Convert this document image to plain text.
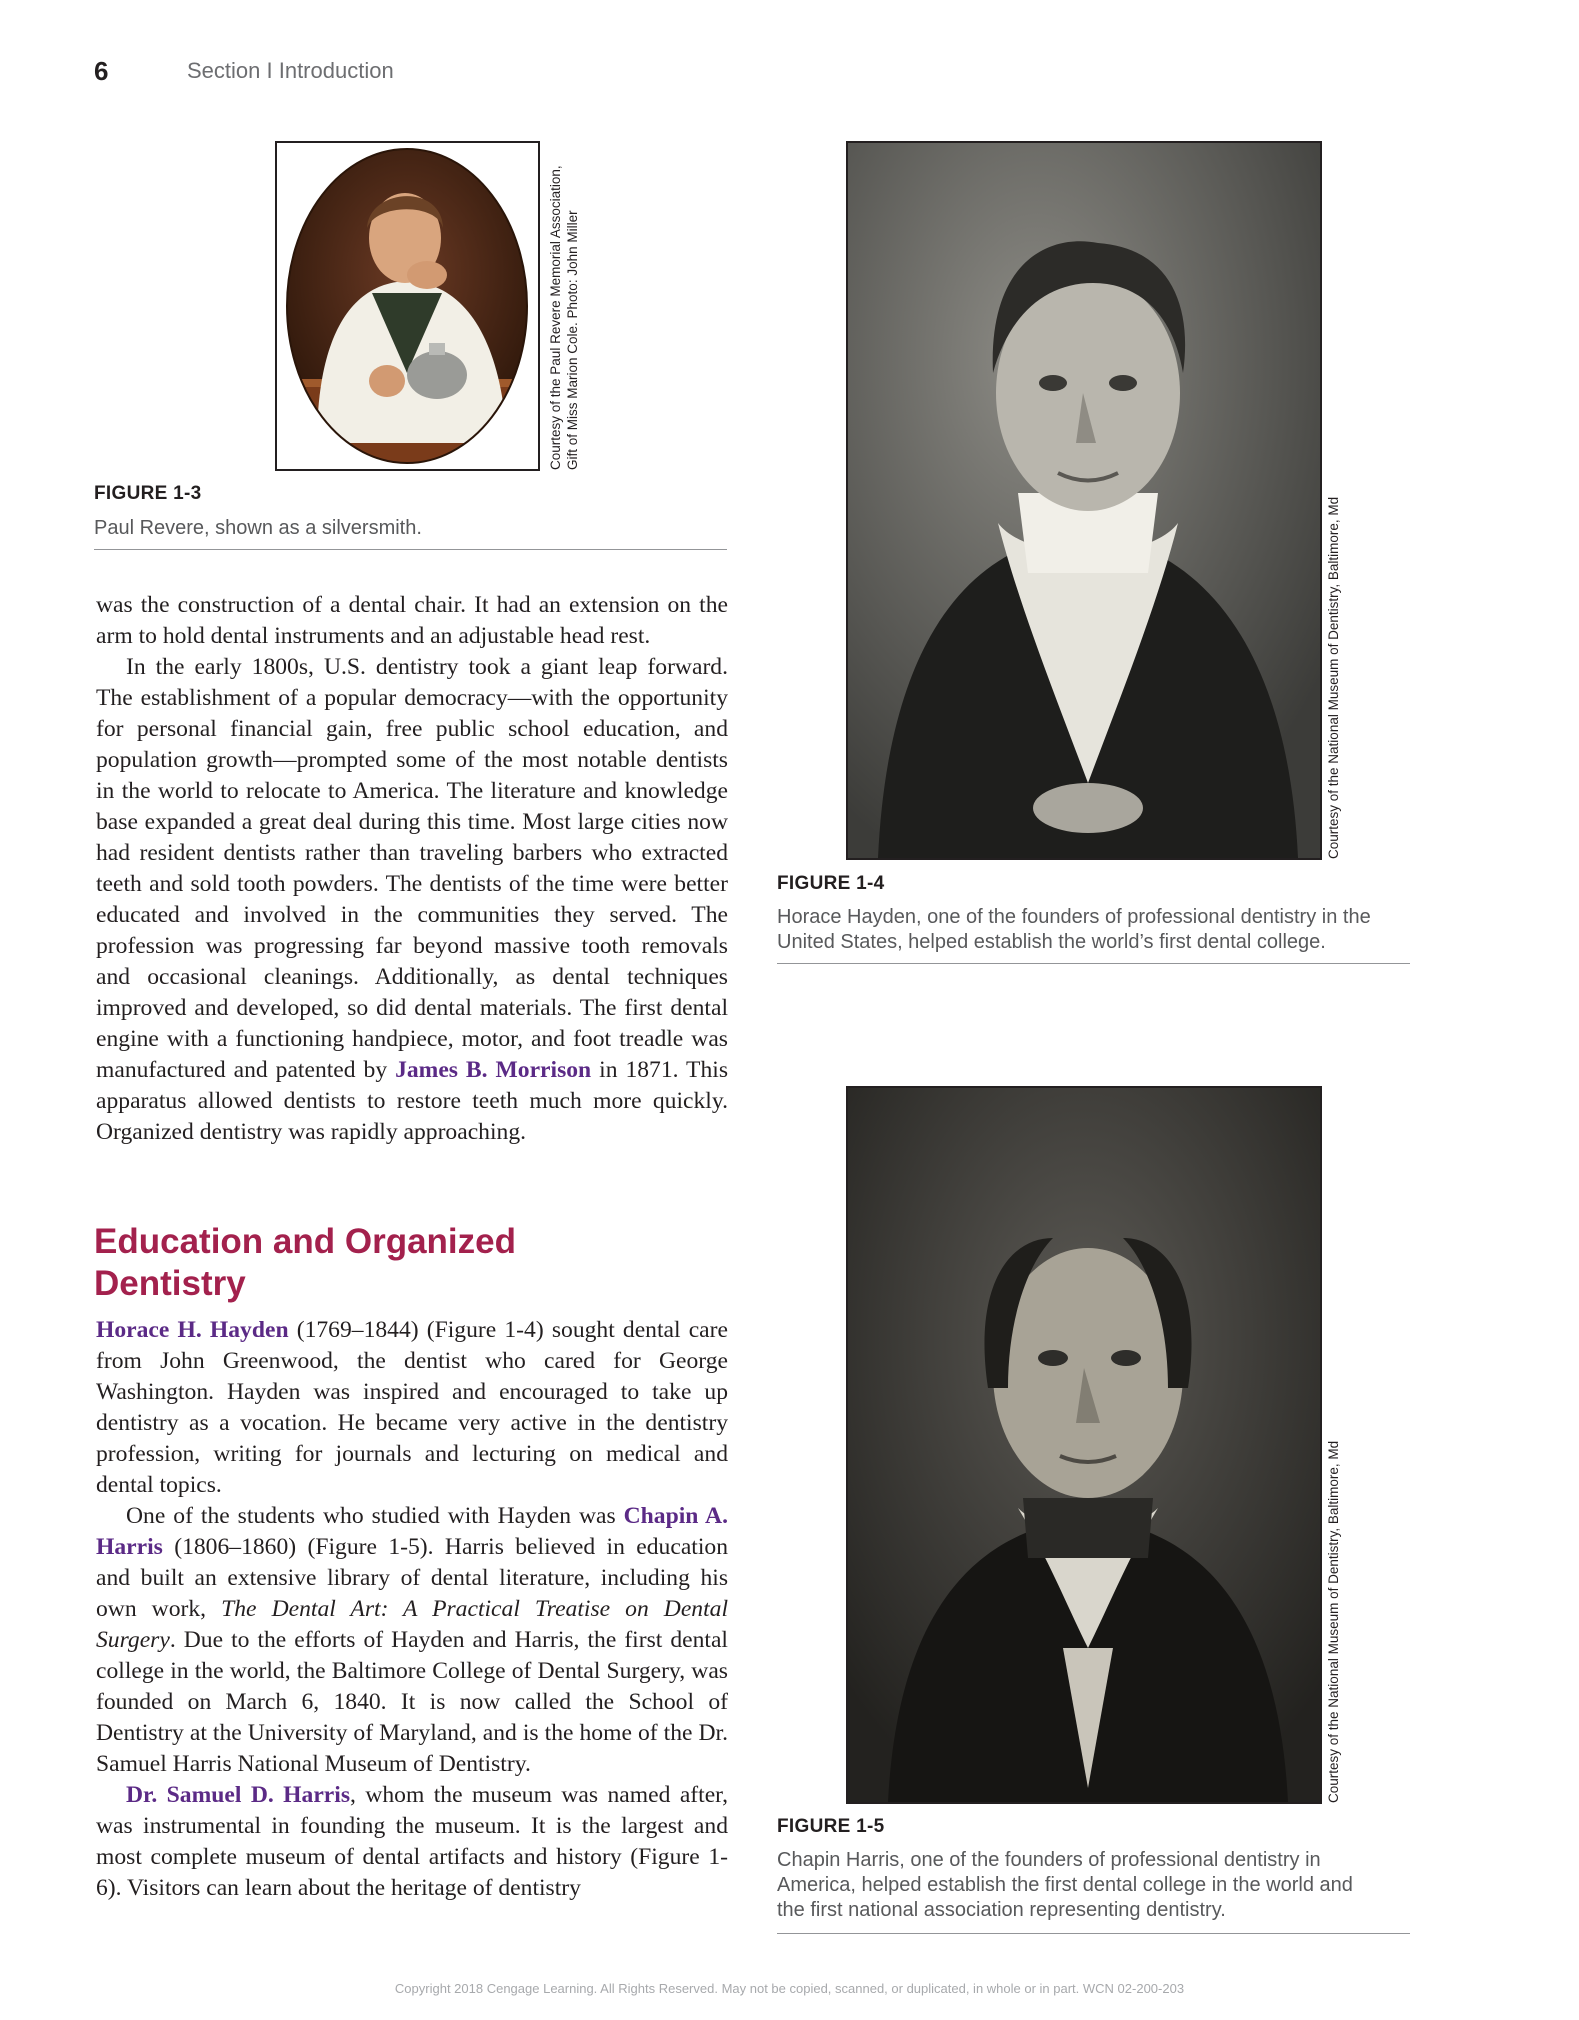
6	Section I Introduction
Courtesy of the Paul Revere Memorial Association, Gift of Miss Marion Cole. Photo: John Miller
FIGURE 1-3
Paul Revere, shown as a silversmith.

was the construction of a dental chair. It had an extension on the arm to hold dental instruments and an adjustable head rest.

In the early 1800s, U.S. dentistry took a giant leap forward. The establishment of a popular democracy—with the opportunity for personal financial gain, free public school education, and population growth—prompted some of the most notable dentists in the world to relocate to America. The literature and knowledge base expanded a great deal during this time. Most large cities now had resident dentists rather than traveling barbers who extracted teeth and sold tooth powders. The dentists of the time were better educated and involved in the communities they served. The profession was progressing far beyond massive tooth removals and occasional cleanings. Additionally, as dental techniques improved and developed, so did dental materials. The first dental engine with a functioning handpiece, motor, and foot treadle was manufactured and patented by James B. Morrison in 1871. This apparatus allowed dentists to restore teeth much more quickly. Organized dentistry was rapidly approaching.

Education and Organized
Dentistry

Horace H. Hayden (1769–1844) (Figure 1-4) sought dental care from John Greenwood, the dentist who cared for George Washington. Hayden was inspired and encouraged to take up dentistry as a vocation. He became very active in the dentistry profession, writing for journals and lecturing on medical and dental topics.

One of the students who studied with Hayden was Chapin A. Harris (1806–1860) (Figure 1-5). Harris believed in education and built an extensive library of dental literature, including his own work, The Dental Art: A Practical Treatise on Dental Surgery. Due to the efforts of Hayden and Harris, the first dental college in the world, the Baltimore College of Dental Surgery, was founded on March 6, 1840. It is now called the School of Dentistry at the University of Maryland, and is the home of the Dr. Samuel Harris National Museum of Dentistry.

Dr. Samuel D. Harris, whom the museum was named after, was instrumental in founding the museum. It is the largest and most complete museum of dental artifacts and history (Figure 1-6). Visitors can learn about the heritage of dentistry

Courtesy of the National Museum of Dentistry, Baltimore, Md
FIGURE 1-4
Horace Hayden, one of the founders of professional dentistry in the
United States, helped establish the world’s first dental college.
Courtesy of the National Museum of Dentistry, Baltimore, Md
FIGURE 1-5
Chapin Harris, one of the founders of professional dentistry in
America, helped establish the first dental college in the world and
the first national association representing dentistry.
Copyright 2018 Cengage Learning. All Rights Reserved. May not be copied, scanned, or duplicated, in whole or in part. WCN 02-200-203
